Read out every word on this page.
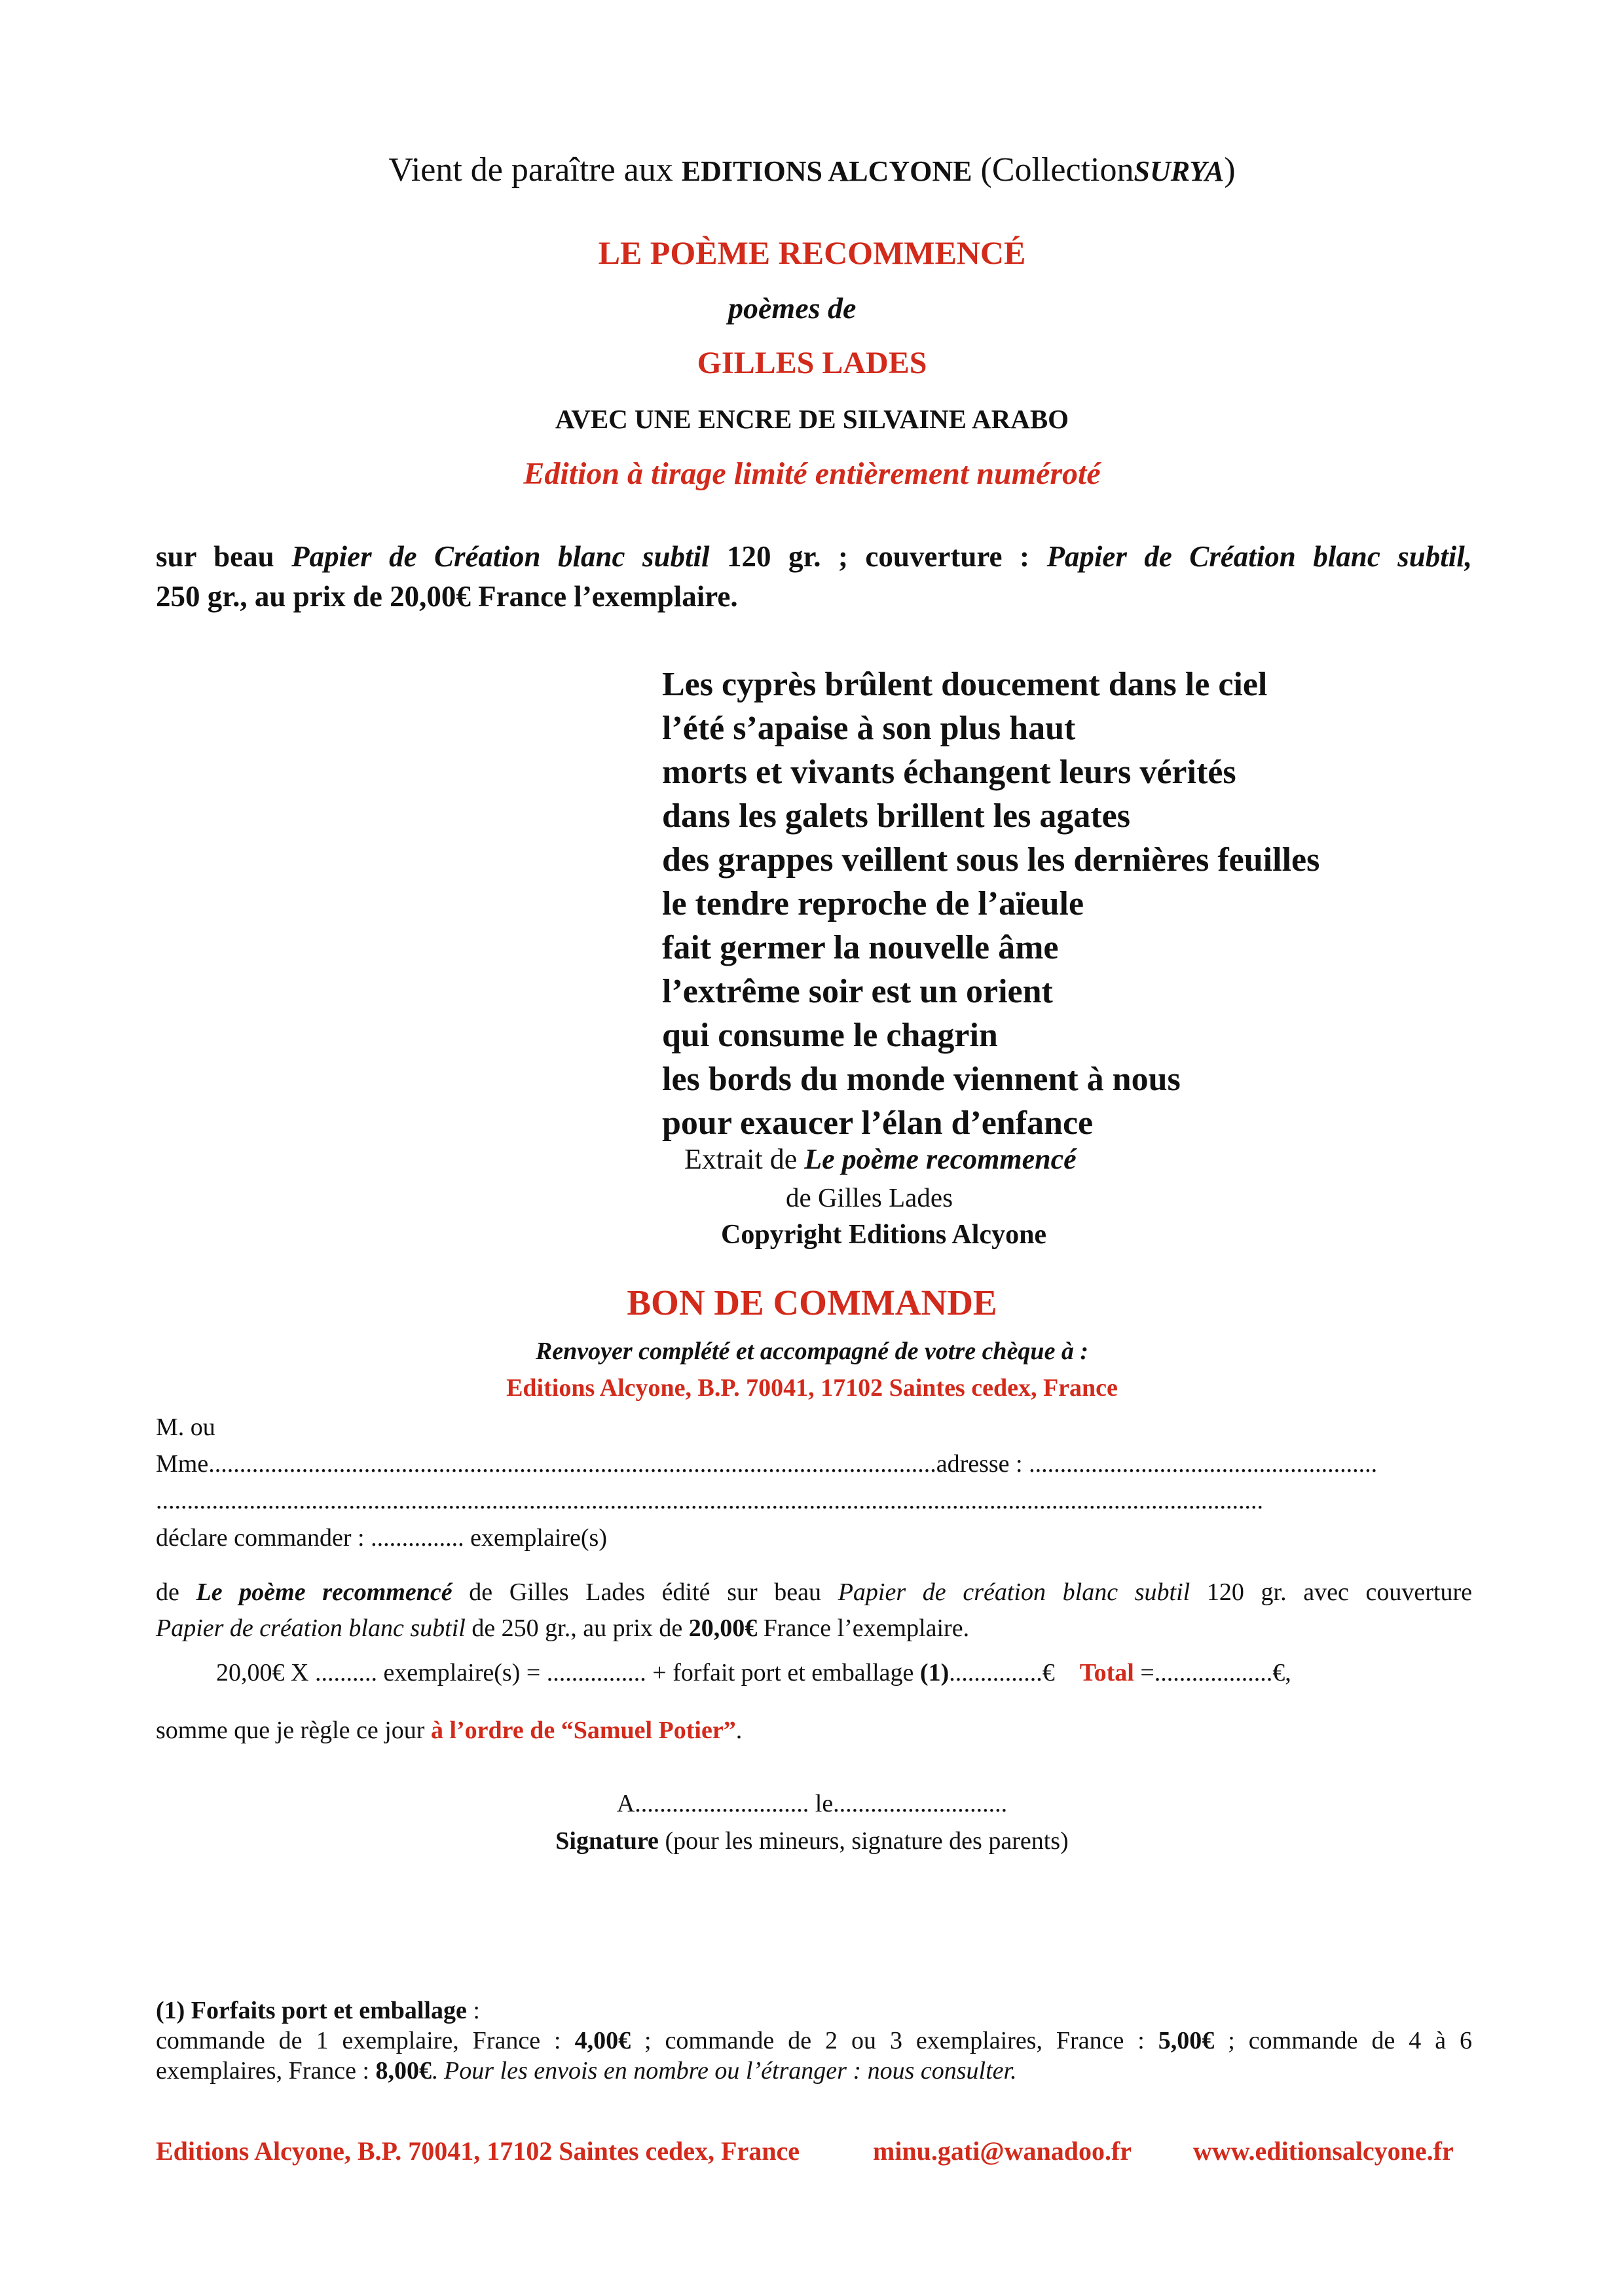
Vient de paraître aux EDITIONS ALCYONE (CollectionSURYA)
LE POÈME RECOMMENCÉ
poèmes de
GILLES LADES
AVEC UNE ENCRE DE SILVAINE ARABO
Edition à tirage limité entièrement numéroté
sur beau Papier de Création blanc subtil 120 gr. ; couverture : Papier de Création blanc subtil,
250 gr., au prix de 20,00€ France l’exemplaire.
Les cyprès brûlent doucement dans le ciel
l’été s’apaise à son plus haut
morts et vivants échangent leurs vérités
dans les galets brillent les agates
des grappes veillent sous les dernières feuilles
le tendre reproche de l’aïeule
fait germer la nouvelle âme
l’extrême soir est un orient
qui consume le chagrin
les bords du monde viennent à nous
pour exaucer l’élan d’enfance
Extrait de Le poème recommencé
de Gilles Lades
Copyright Editions Alcyone
BON DE COMMANDE
Renvoyer complété et accompagné de votre chèque à :
Editions Alcyone, B.P. 70041, 17102 Saintes cedex, France
M. ou
Mme.....................................................................................................................adresse : ........................................................
..................................................................................................................................................................................
déclare commander : ............... exemplaire(s)
de Le poème recommencé de Gilles Lades édité sur beau Papier de création blanc subtil 120 gr. avec couverture
Papier de création blanc subtil de 250 gr., au prix de 20,00€ France l’exemplaire.
20,00€ X .......... exemplaire(s) = ................ + forfait port et emballage (1)...............€ Total =...................€,
somme que je règle ce jour à l’ordre de “Samuel Potier”.
A............................ le............................
Signature (pour les mineurs, signature des parents)
(1) Forfaits port et emballage :
commande de 1 exemplaire, France : 4,00€ ; commande de 2 ou 3 exemplaires, France : 5,00€ ; commande de 4 à 6
exemplaires, France : 8,00€. Pour les envois en nombre ou l’étranger : nous consulter.
Editions Alcyone, B.P. 70041, 17102 Saintes cedex, France	minu.gati@wanadoo.fr www.editionsalcyone.fr
